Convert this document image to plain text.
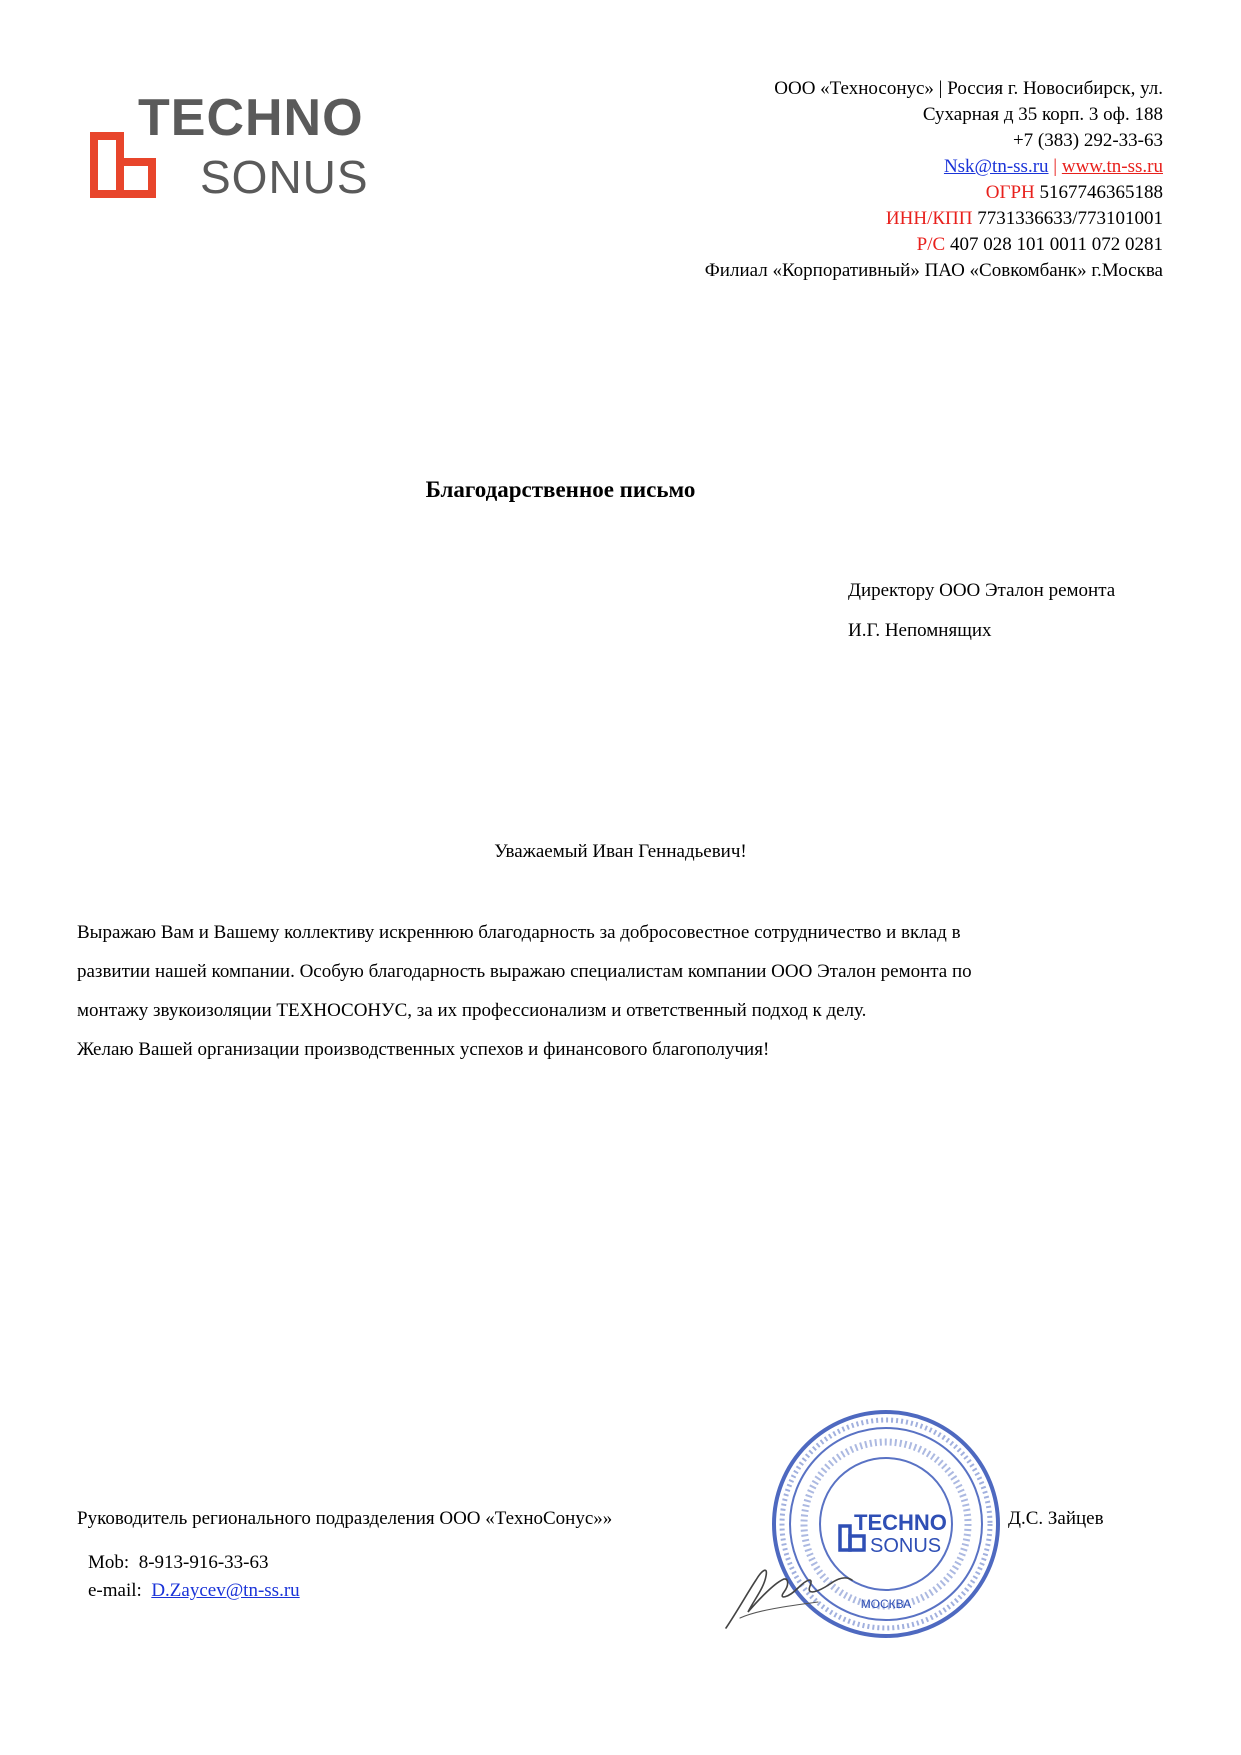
TECHNO
SONUS
ООО «Техносонус» | Россия г. Новосибирск, ул.
Сухарная д 35 корп. 3 оф. 188
+7 (383) 292-33-63
Nsk@tn-ss.ru | www.tn-ss.ru
ОГРН 5167746365188
ИНН/КПП 7731336633/773101001
Р/С 407 028 101 0011 072 0281
Филиал «Корпоративный» ПАО «Совкомбанк» г.Москва
Благодарственное письмо
Директору ООО Эталон ремонта
И.Г. Непомнящих
Уважаемый Иван Геннадьевич!
Выражаю Вам и Вашему коллективу искреннюю благодарность за добросовестное сотрудничество и вклад в
развитии нашей компании. Особую благодарность выражаю специалистам компании ООО Эталон ремонта по
монтажу звукоизоляции ТЕХНОСОНУС, за их профессионализм и ответственный подход к делу.
Желаю Вашей организации производственных успехов и финансового благополучия!
Руководитель регионального подразделения ООО «ТехноСонус»»	Д.С. Зайцев
Mob: 8-913-916-33-63
e-mail: D.Zaycev@tn-ss.ru
TECHNO
SONUS
МОСКВА
